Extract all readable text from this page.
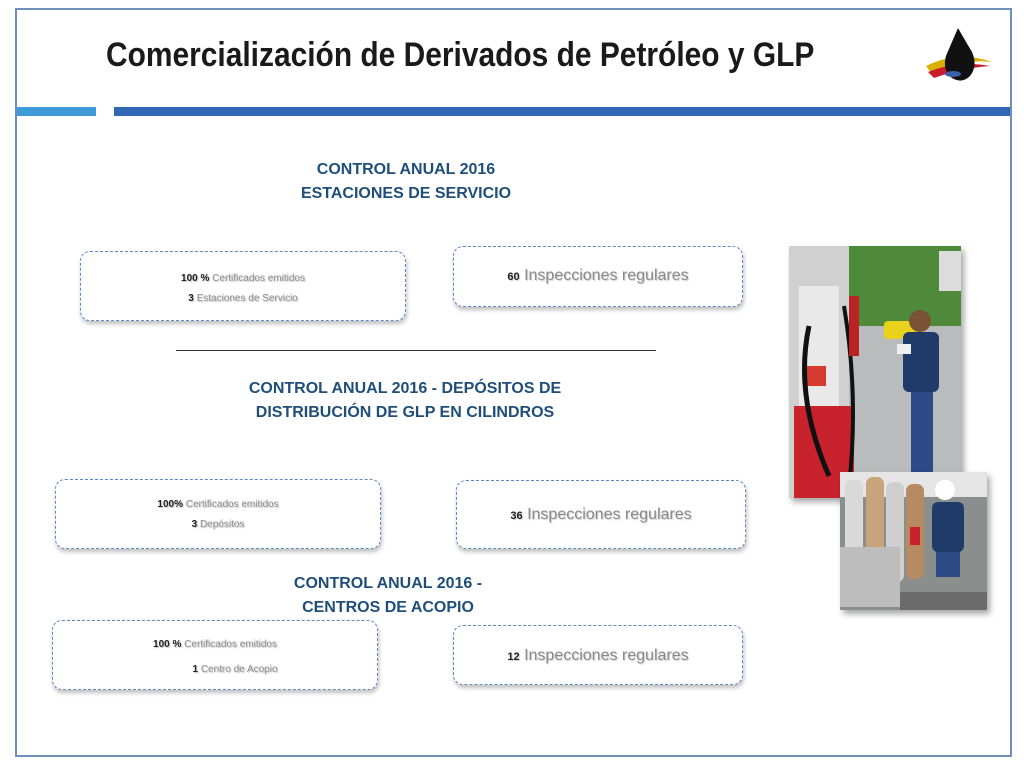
Comercialización de Derivados de Petróleo y GLP
CONTROL ANUAL 2016
ESTACIONES DE SERVICIO
100 % Certificados emitidos
3 Estaciones de Servicio
60 Inspecciones regulares
CONTROL ANUAL 2016 - DEPÓSITOS DE
DISTRIBUCIÓN DE GLP EN CILINDROS
100% Certificados emitidos
3 Depósitos
36 Inspecciones regulares
CONTROL ANUAL 2016 -
CENTROS DE ACOPIO
100 % Certificados emitidos
1 Centro de Acopio
12 Inspecciones regulares
